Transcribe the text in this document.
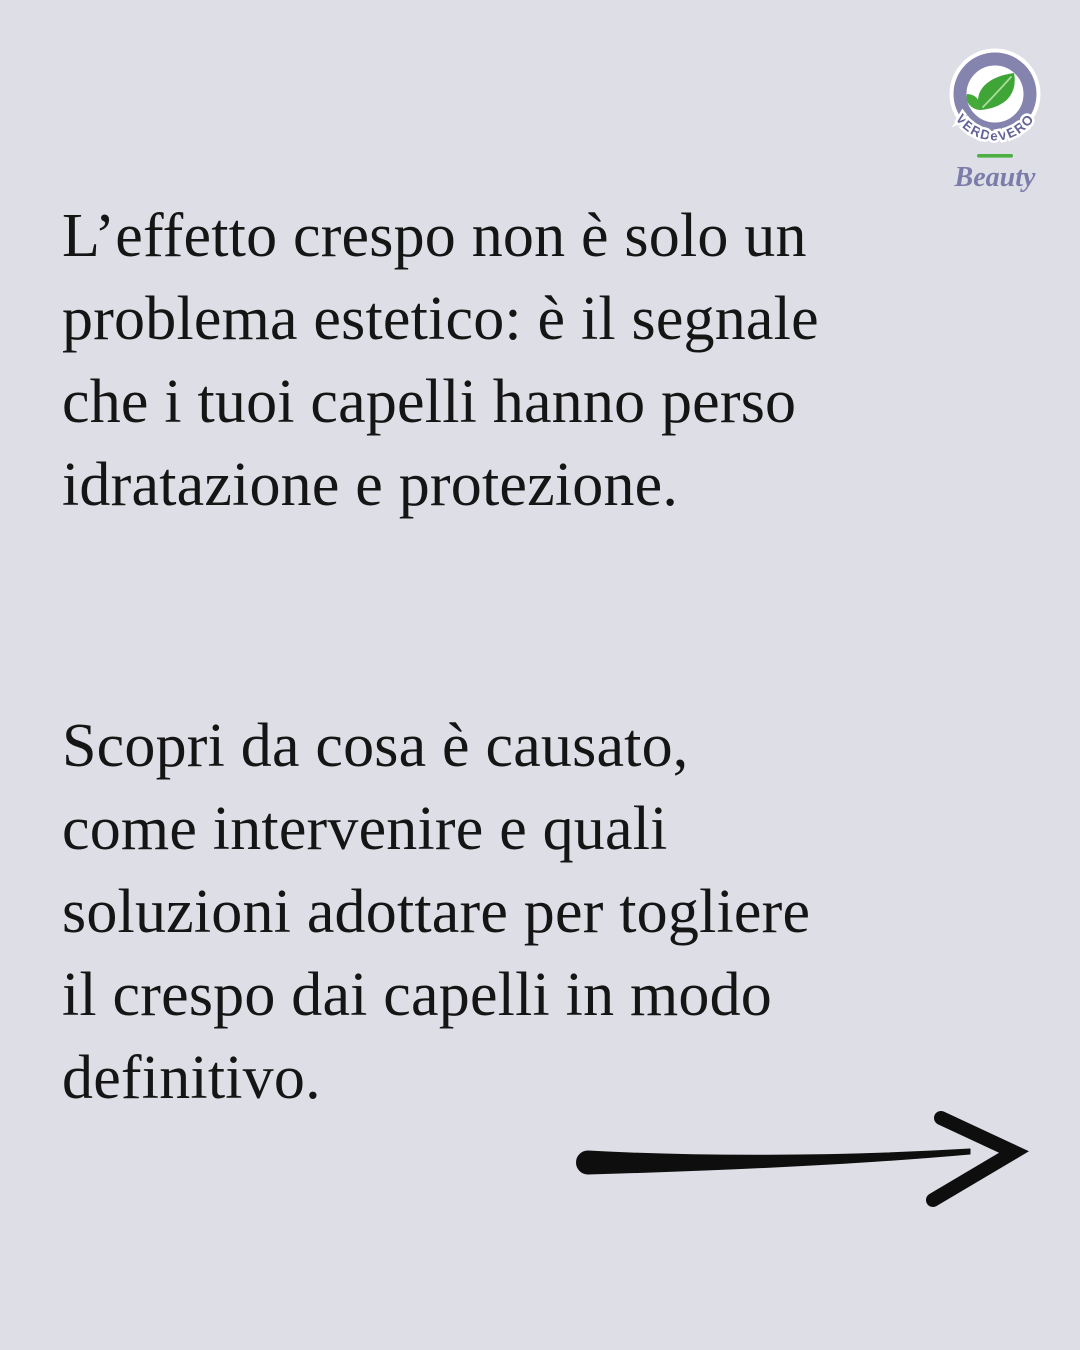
VERDeVERO
Beauty
L’effetto crespo non è solo un
problema estetico: è il segnale
che i tuoi capelli hanno perso
idratazione e protezione.
Scopri da cosa è causato,
come intervenire e quali
soluzioni adottare per togliere
il crespo dai capelli in modo
definitivo.
